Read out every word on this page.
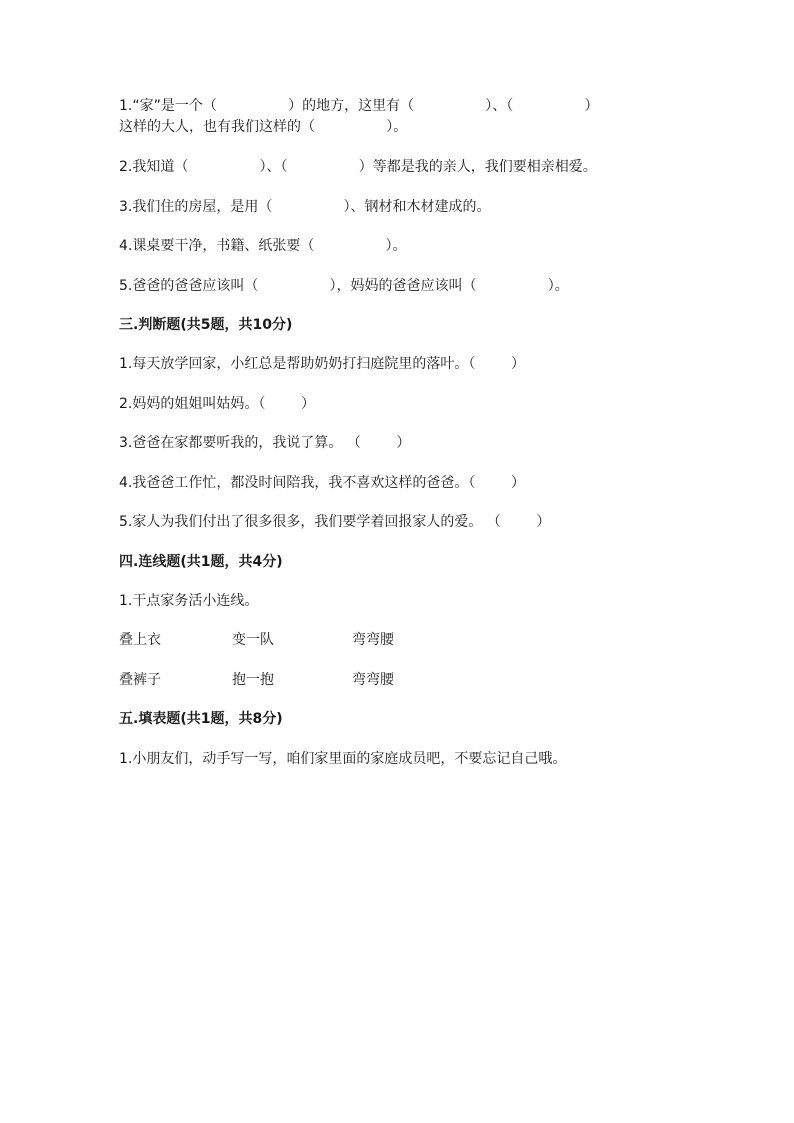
1.“家”是一个（                ）的地方，这里有（                ）、（                ）
这样的大人，也有我们这样的（                ）。
2.我知道（                ）、（                ）等都是我的亲人，我们要相亲相爱。
3.我们住的房屋，是用（                ）、钢材和木材建成的。
4.课桌要干净，书籍、纸张要（                ）。
5.爸爸的爸爸应该叫（                ），妈妈的爸爸应该叫（                ）。
三.判断题(共5题，共10分)
1.每天放学回家，小红总是帮助奶奶打扫庭院里的落叶。（        ）
2.妈妈的姐姐叫姑妈。（        ）
3.爸爸在家都要听我的，我说了算。 （        ）
4.我爸爸工作忙，都没时间陪我，我不喜欢这样的爸爸。（        ）
5.家人为我们付出了很多很多，我们要学着回报家人的爱。 （        ）
四.连线题(共1题，共4分)
1.干点家务活小连线。
叠上衣	变一队	弯弯腰
叠裤子	抱一抱	弯弯腰
五.填表题(共1题，共8分)
1.小朋友们，动手写一写，咱们家里面的家庭成员吧，不要忘记自己哦。
